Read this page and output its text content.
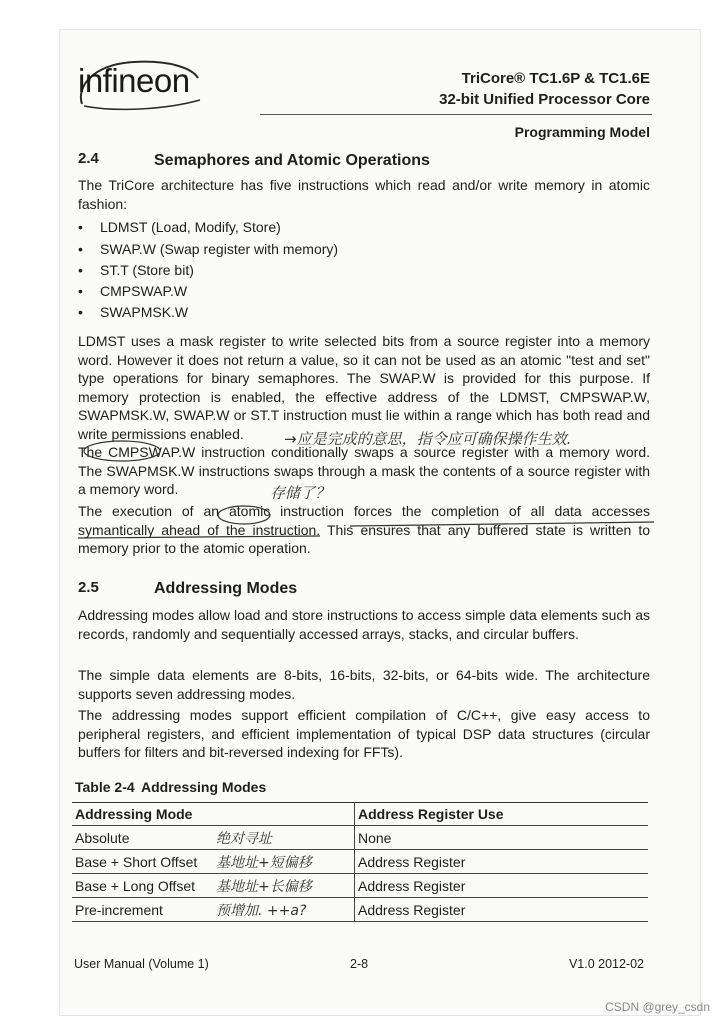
infineon	TriCore® TC1.6P & TC1.6E
32-bit Unified Processor Core
Programming Model
2.4	Semaphores and Atomic Operations
The TriCore architecture has five instructions which read and/or write memory in atomic fashion:
• LDMST (Load, Modify, Store)
• SWAP.W (Swap register with memory)
• ST.T (Store bit)
• CMPSWAP.W
• SWAPMSK.W
LDMST uses a mask register to write selected bits from a source register into a memory word. However it does not return a value, so it can not be used as an atomic "test and set" type operations for binary semaphores. The SWAP.W is provided for this purpose. If memory protection is enabled, the effective address of the LDMST, CMPSWAP.W, SWAPMSK.W, SWAP.W or ST.T instruction must lie within a range which has both read and write permissions enabled.
The CMPSWAP.W instruction conditionally swaps a source register with a memory word. The SWAPMSK.W instructions swaps through a mask the contents of a source register with a memory word.
The execution of an atomic instruction forces the completion of all data accesses symantically ahead of the instruction. This ensures that any buffered state is written to memory prior to the atomic operation.
→应是完成的意思，指令应可确保操作生效.
存储了？
2.5	Addressing Modes
Addressing modes allow load and store instructions to access simple data elements such as records, randomly and sequentially accessed arrays, stacks, and circular buffers.
The simple data elements are 8-bits, 16-bits, 32-bits, or 64-bits wide. The architecture supports seven addressing modes.
The addressing modes support efficient compilation of C/C++, give easy access to peripheral registers, and efficient implementation of typical DSP data structures (circular buffers for filters and bit-reversed indexing for FFTs).
Table 2-4 Addressing Modes
Addressing Mode	Address Register Use
Absolute 绝对寻址	None
Base + Short Offset 基地址+短偏移	Address Register
Base + Long Offset 基地址+长偏移	Address Register
Pre-increment 预增加. ++a?	Address Register
User Manual (Volume 1)	2-8	V1.0 2012-02
CSDN @grey_csdn
